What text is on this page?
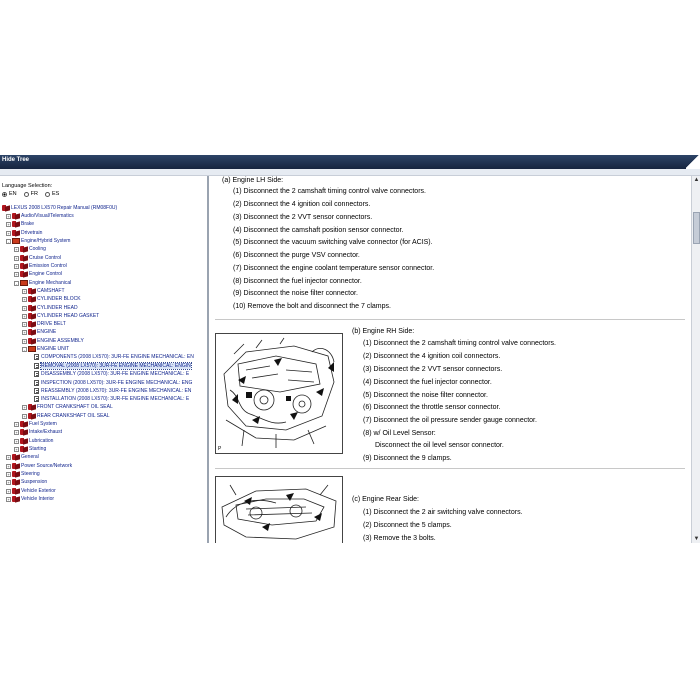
Hide Tree
Language Selection:
EN	FR	ES
LEXUS 2008 LX570 Repair Manual (RM08F0U)
+ Audio/Visual/Telematics
+ Brake
+ Drivetrain
-	Engine/Hybrid System
+ Cooling
+ Cruise Control
+ Emission Control
+ Engine Control
-	Engine Mechanical
+ CAMSHAFT
+ CYLINDER BLOCK
+ CYLINDER HEAD
+ CYLINDER HEAD GASKET
+ DRIVE BELT
+ ENGINE
+ ENGINE ASSEMBLY
-	ENGINE UNIT
COMPONENTS (2008 LX570): 3UR-FE ENGINE MECHANICAL: EN
REMOVAL (2008 LX570): 3UR-FE ENGINE MECHANICAL: ENGIN
DISASSEMBLY (2008 LX570): 3UR-FE ENGINE MECHANICAL: E
INSPECTION (2008 LX570): 3UR-FE ENGINE MECHANICAL: ENG
REASSEMBLY (2008 LX570): 3UR-FE ENGINE MECHANICAL: EN
INSTALLATION (2008 LX570): 3UR-FE ENGINE MECHANICAL: E
+ FRONT CRANKSHAFT OIL SEAL
+ REAR CRANKSHAFT OIL SEAL
+ Fuel System
+ Intake/Exhaust
+ Lubrication
+ Starting
+ General
+ Power Source/Network
+ Steering
+ Suspension
+ Vehicle Exterior
+ Vehicle Interior
(a) Engine LH Side:
(1) Disconnect the 2 camshaft timing control valve connectors.
(2) Disconnect the 4 ignition coil connectors.
(3) Disconnect the 2 VVT sensor connectors.
(4) Disconnect the camshaft position sensor connector.
(5) Disconnect the vacuum switching valve connector (for ACIS).
(6) Disconnect the purge VSV connector.
(7) Disconnect the engine coolant temperature sensor connector.
(8) Disconnect the fuel injector connector.
(9) Disconnect the noise filter connector.
(10) Remove the bolt and disconnect the 7 clamps.
P
(b) Engine RH Side:
(1) Disconnect the 2 camshaft timing control valve connectors.
(2) Disconnect the 4 ignition coil connectors.
(3) Disconnect the 2 VVT sensor connectors.
(4) Disconnect the fuel injector connector.
(5) Disconnect the noise filter connector.
(6) Disconnect the throttle sensor connector.
(7) Disconnect the oil pressure sender gauge connector.
(8) w/ Oil Level Sensor:
Disconnect the oil level sensor connector.
(9) Disconnect the 9 clamps.
(c) Engine Rear Side:
(1) Disconnect the 2 air switching valve connectors.
(2) Disconnect the 5 clamps.
(3) Remove the 3 bolts.
▲
▼
